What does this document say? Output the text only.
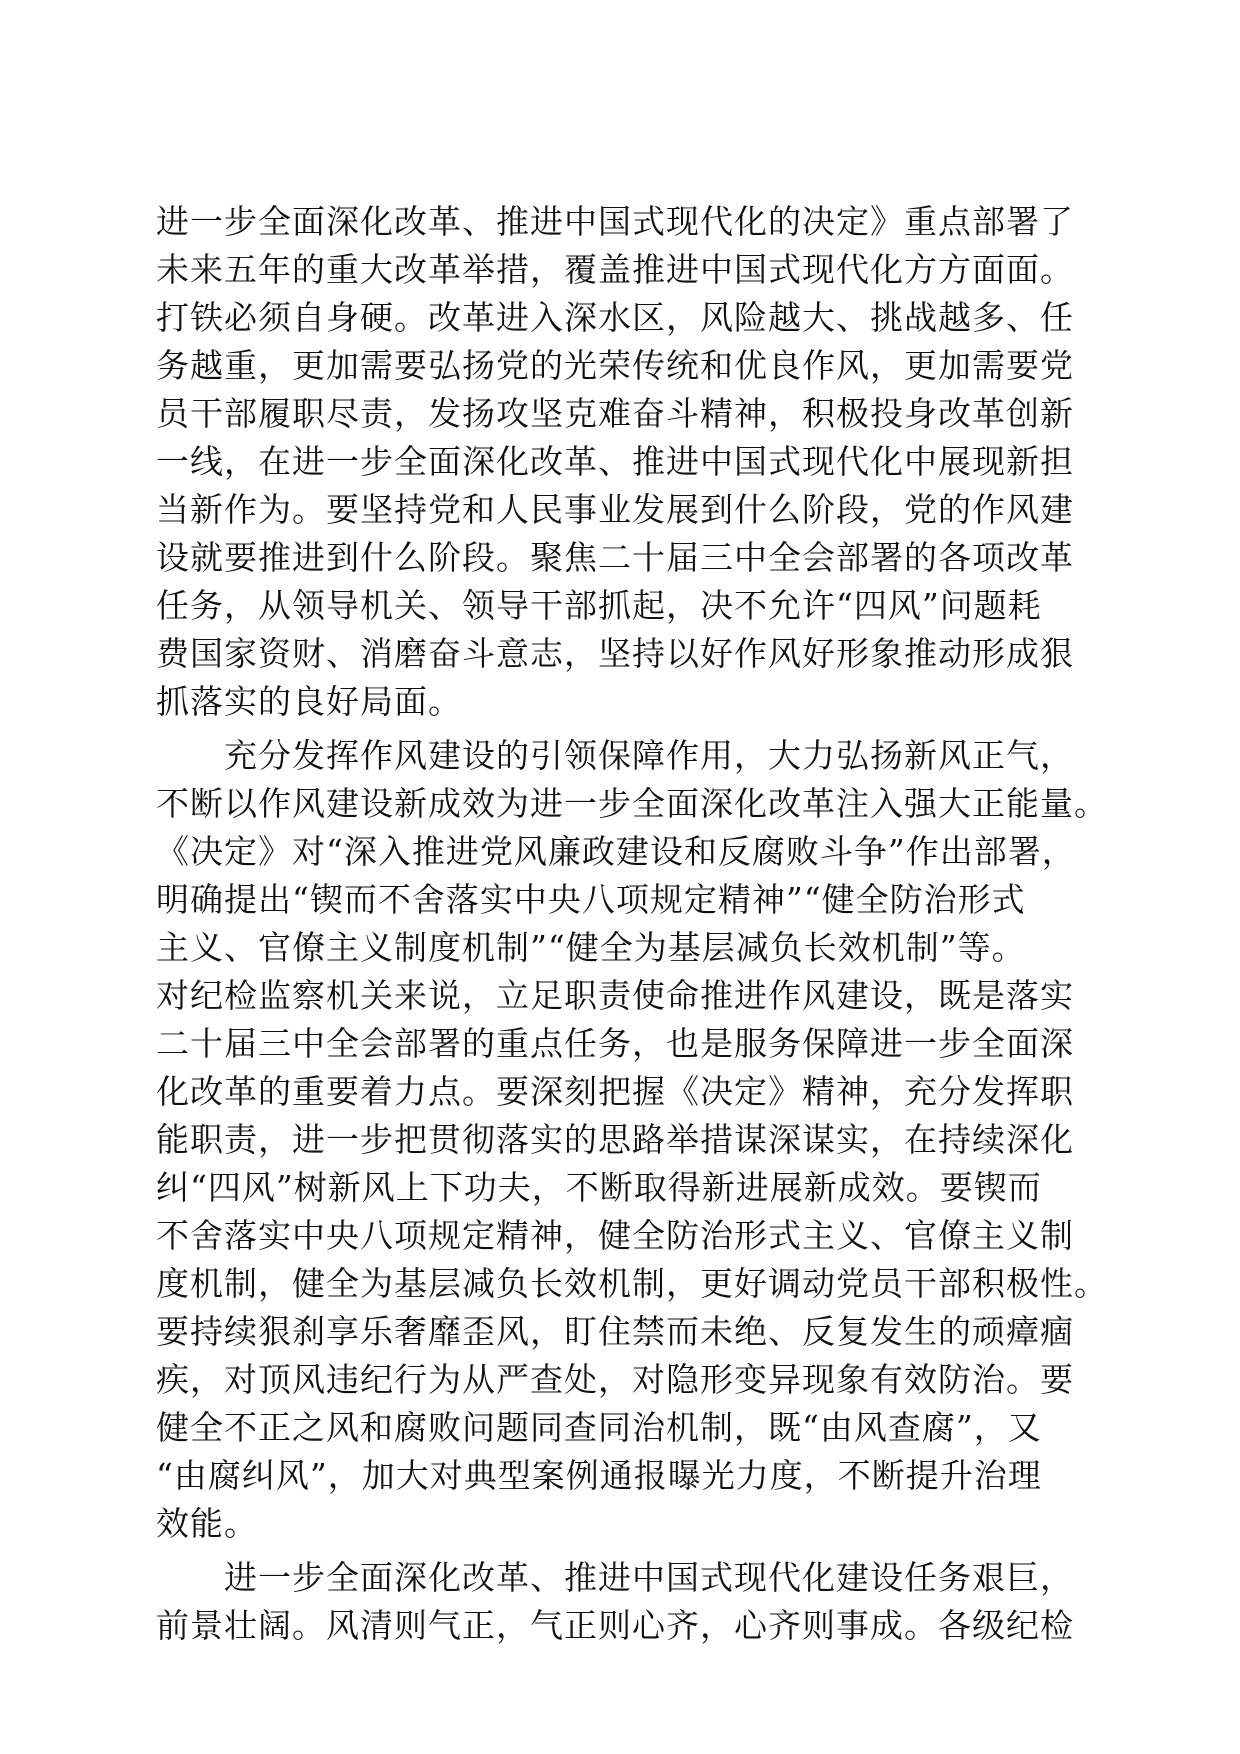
进一步全面深化改革、推进中国式现代化的决定》重点部署了
未来五年的重大改革举措，覆盖推进中国式现代化方方面面。
打铁必须自身硬。改革进入深水区，风险越大、挑战越多、任
务越重，更加需要弘扬党的光荣传统和优良作风，更加需要党
员干部履职尽责，发扬攻坚克难奋斗精神，积极投身改革创新
一线，在进一步全面深化改革、推进中国式现代化中展现新担
当新作为。要坚持党和人民事业发展到什么阶段，党的作风建
设就要推进到什么阶段。聚焦二十届三中全会部署的各项改革
任务，从领导机关、领导干部抓起，决不允许“四风”问题耗
费国家资财、消磨奋斗意志，坚持以好作风好形象推动形成狠
抓落实的良好局面。
　　充分发挥作风建设的引领保障作用，大力弘扬新风正气，
不断以作风建设新成效为进一步全面深化改革注入强大正能量。
《决定》对“深入推进党风廉政建设和反腐败斗争”作出部署，
明确提出“锲而不舍落实中央八项规定精神”“健全防治形式
主义、官僚主义制度机制”“健全为基层减负长效机制”等。
对纪检监察机关来说，立足职责使命推进作风建设，既是落实
二十届三中全会部署的重点任务，也是服务保障进一步全面深
化改革的重要着力点。要深刻把握《决定》精神，充分发挥职
能职责，进一步把贯彻落实的思路举措谋深谋实，在持续深化
纠“四风”树新风上下功夫，不断取得新进展新成效。要锲而
不舍落实中央八项规定精神，健全防治形式主义、官僚主义制
度机制，健全为基层减负长效机制，更好调动党员干部积极性。
要持续狠刹享乐奢靡歪风，盯住禁而未绝、反复发生的顽瘴痼
疾，对顶风违纪行为从严查处，对隐形变异现象有效防治。要
健全不正之风和腐败问题同查同治机制，既“由风查腐”，又
“由腐纠风”，加大对典型案例通报曝光力度，不断提升治理
效能。
　　进一步全面深化改革、推进中国式现代化建设任务艰巨，
前景壮阔。风清则气正，气正则心齐，心齐则事成。各级纪检
